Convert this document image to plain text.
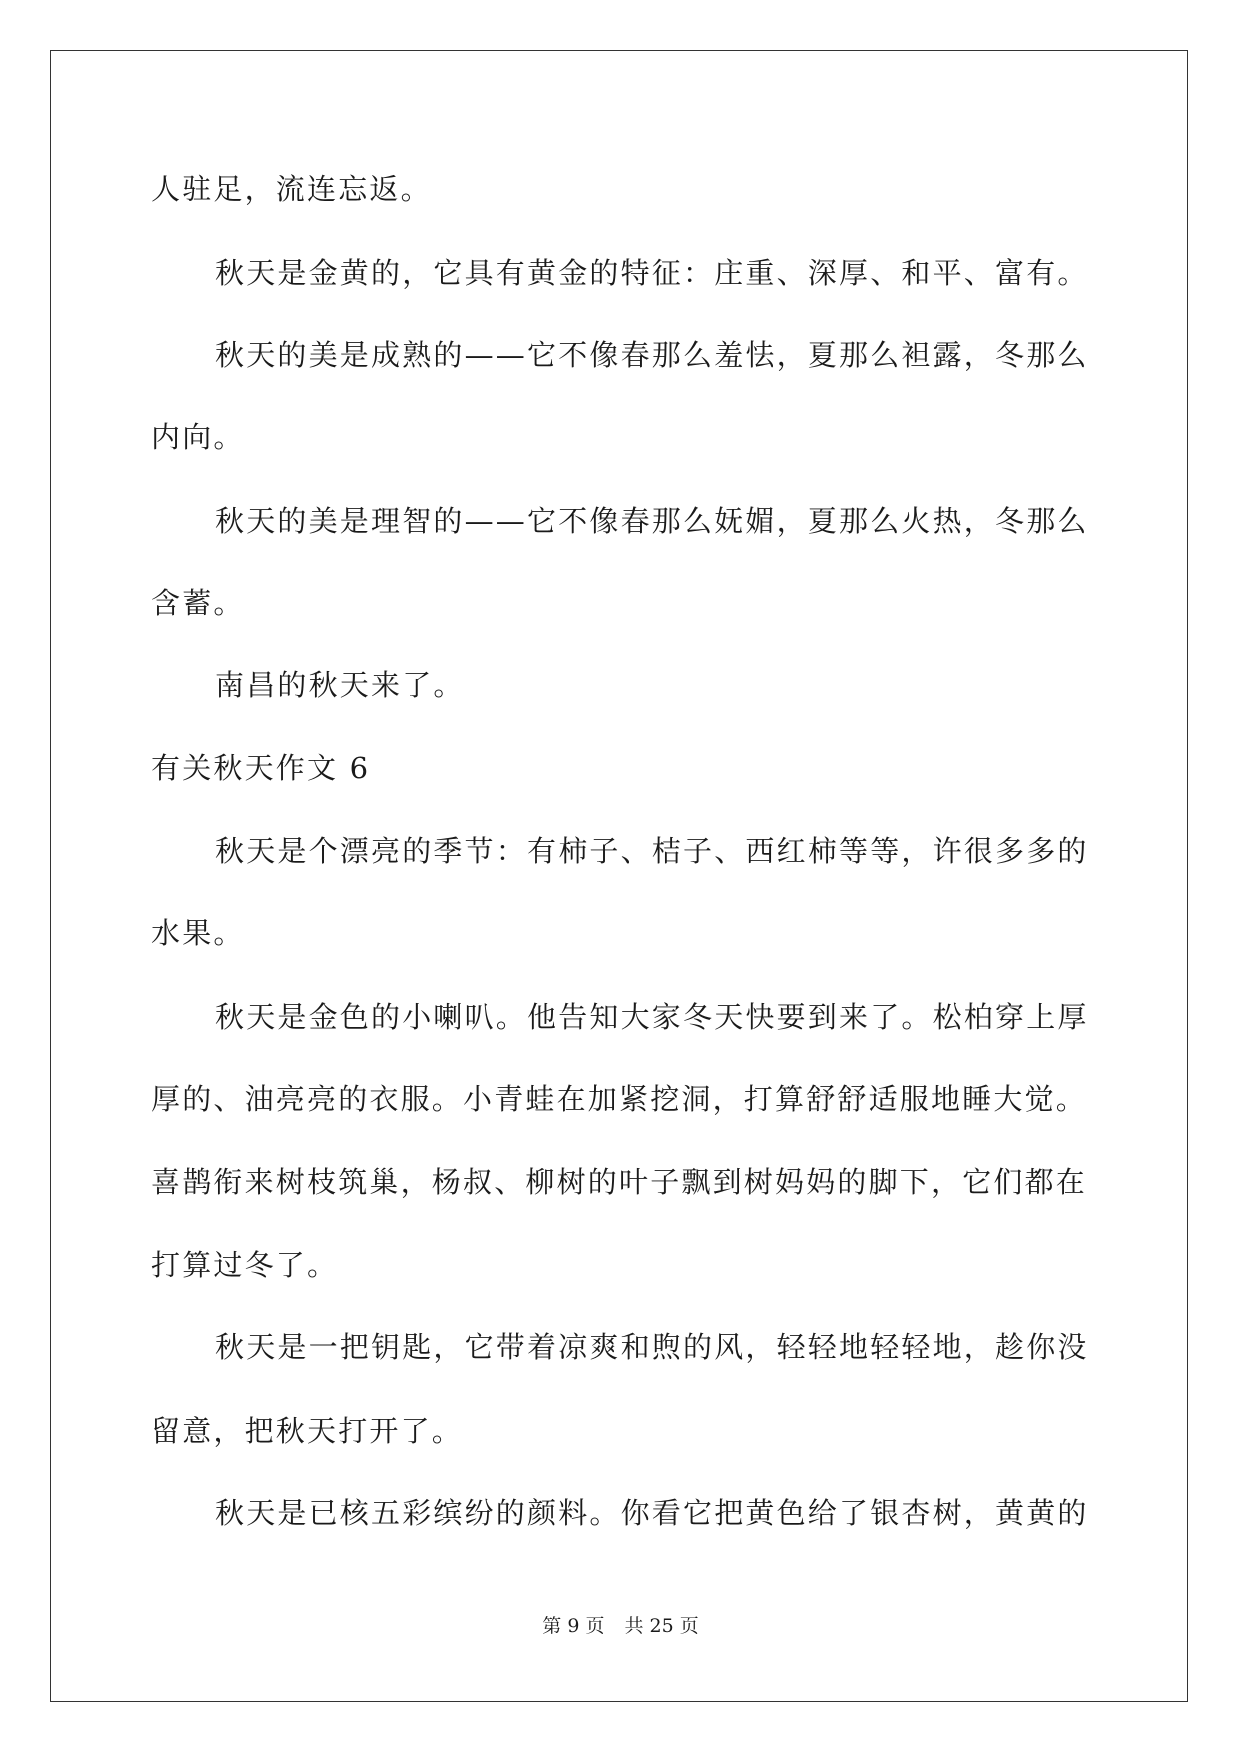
人驻足，流连忘返。
秋天是金黄的，它具有黄金的特征：庄重、深厚、和平、富有。
秋天的美是成熟的——它不像春那么羞怯，夏那么袒露，冬那么
内向。
秋天的美是理智的——它不像春那么妩媚，夏那么火热，冬那么
含蓄。
南昌的秋天来了。
有关秋天作文 6
秋天是个漂亮的季节：有柿子、桔子、西红柿等等，许很多多的
水果。
秋天是金色的小喇叭。他告知大家冬天快要到来了。松柏穿上厚
厚的、油亮亮的衣服。小青蛙在加紧挖洞，打算舒舒适服地睡大觉。
喜鹊衔来树枝筑巢，杨叔、柳树的叶子飘到树妈妈的脚下，它们都在
打算过冬了。
秋天是一把钥匙，它带着凉爽和煦的风，轻轻地轻轻地，趁你没
留意，把秋天打开了。
秋天是已核五彩缤纷的颜料。你看它把黄色给了银杏树，黄黄的
第 9 页 共 25 页
